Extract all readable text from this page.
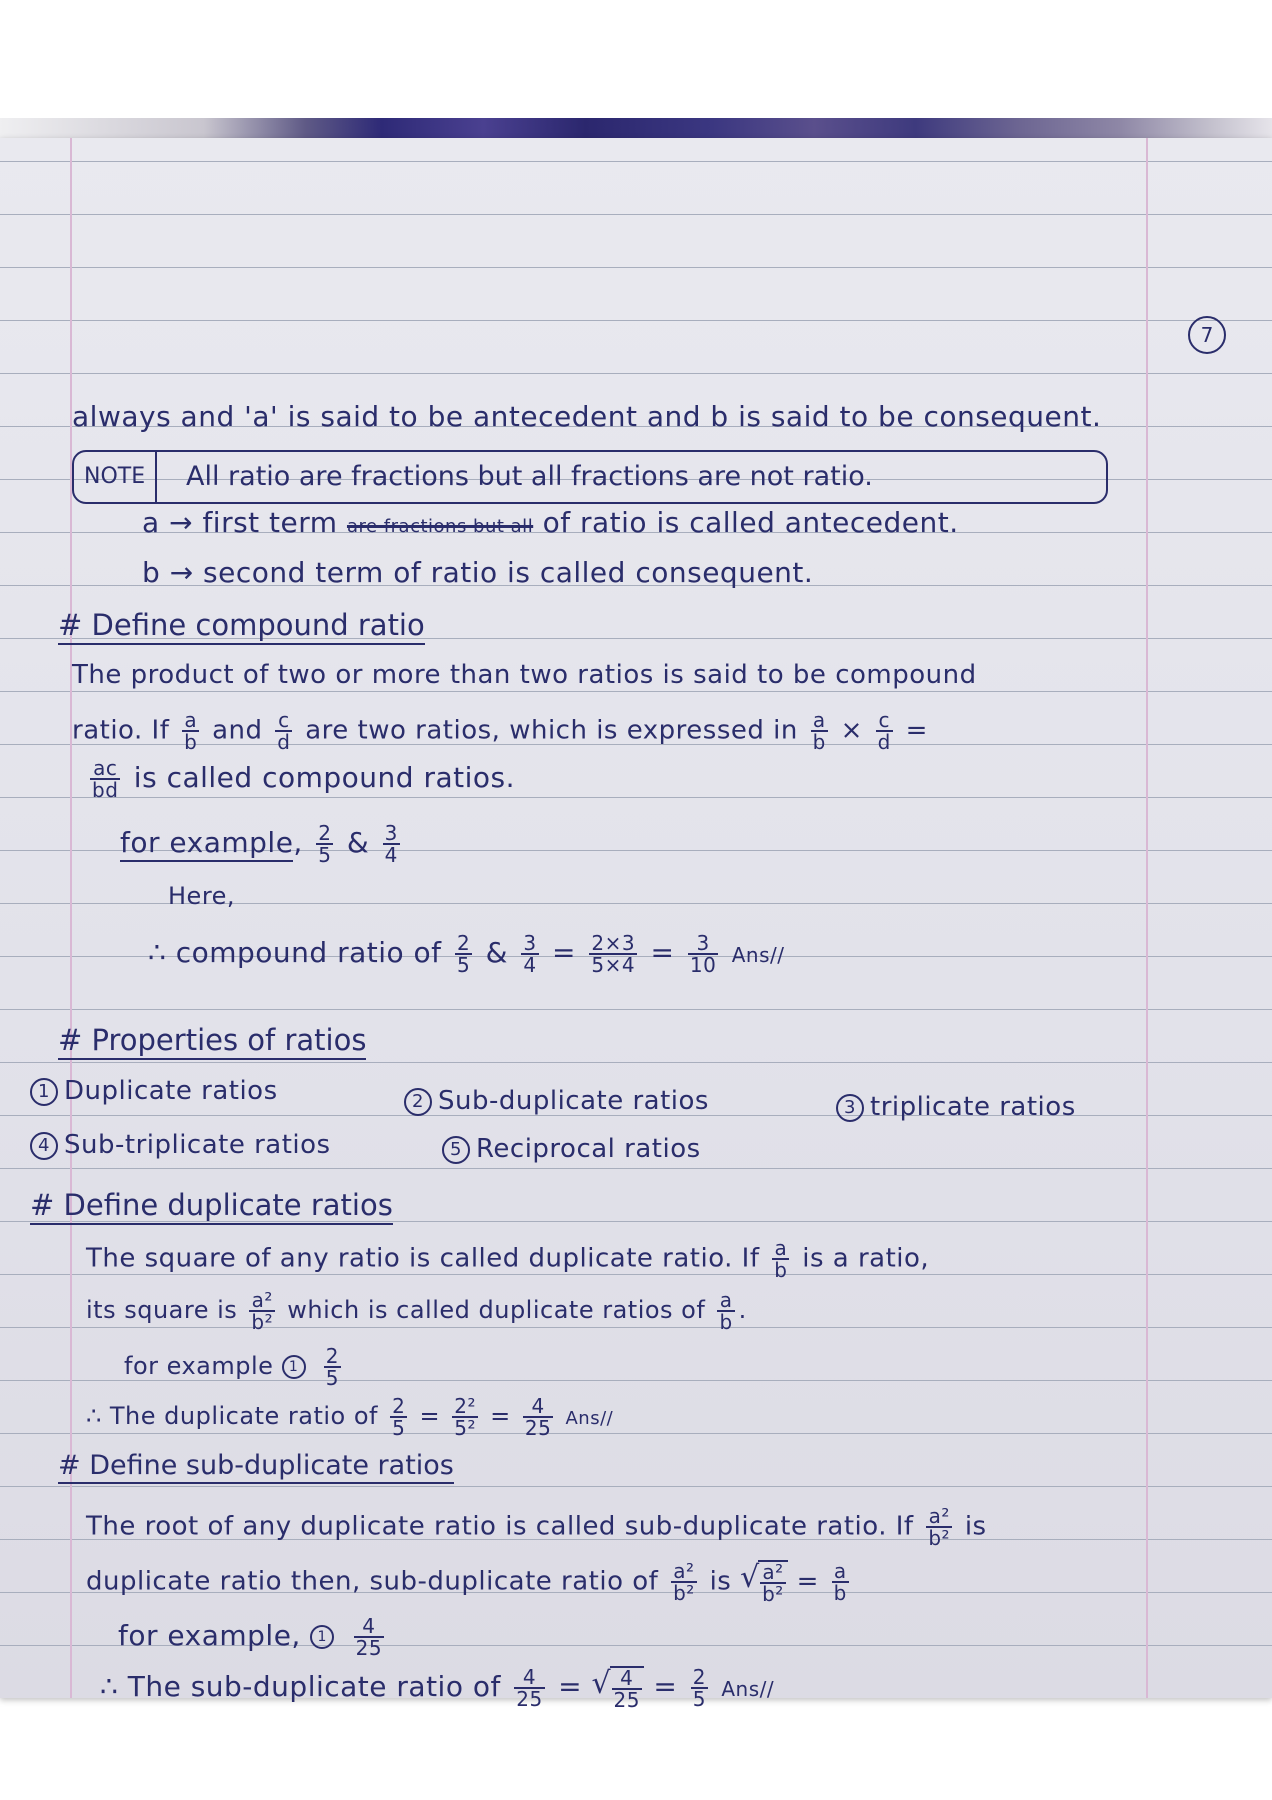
7
always and 'a' is said to be antecedent and b is said to be consequent.
NOTE	All ratio are fractions but all fractions are not ratio.
a → first term are fractions but all of ratio is called antecedent.
b → second term of ratio is called consequent.
# Define compound ratio
The product of two or more than two ratios is said to be compound
ratio. If $\frac{a}{b}$ and $\frac{c}{d}$ are two ratios, which is expressed in $\frac{a}{b} \times \frac{c}{d}$ =
$\frac{ac}{bd}$ is called compound ratios.
for example, $\frac{2}{5}$ & $\frac{3}{4}$
Here,
∴ compound ratio of $\frac{2}{5}$ & $\frac{3}{4} = \frac{2\times 3}{5\times 4} = \frac{3}{10} Ans//$
# Properties of ratios
1 Duplicate ratios	2 Sub-duplicate ratios	3 triplicate ratios
4 Sub-triplicate ratios	5 Reciprocal ratios
# Define duplicate ratios
The square of any ratio is called duplicate ratio. If $\frac{a}{b}$ is a ratio,
its square is $\frac{\text{a²}}{\text{b²}}$ which is called duplicate ratios of $\frac{a}{b}$ .
for example $1 \frac{2}{5}$
∴ The duplicate ratio of $\frac{2}{5} = \frac{\text{2²}}{\text{5²}} = \frac{4}{25} Ans//$
# Define sub-duplicate ratios
The root of any duplicate ratio is called sub-duplicate ratio. If $\frac{\text{a²}}{\text{b²}}$ is
duplicate ratio then, sub-duplicate ratio of $\frac{\text{a²}}{\text{b²}}$ is √ $\frac{\text{a²}}{\text{b²}} = \frac{a}{b}$
for example, $1 \frac{4}{25}$
∴ The sub-duplicate ratio of $\frac{4}{25}$ = √ $\frac{4}{25} = \frac{2}{5} Ans//$
